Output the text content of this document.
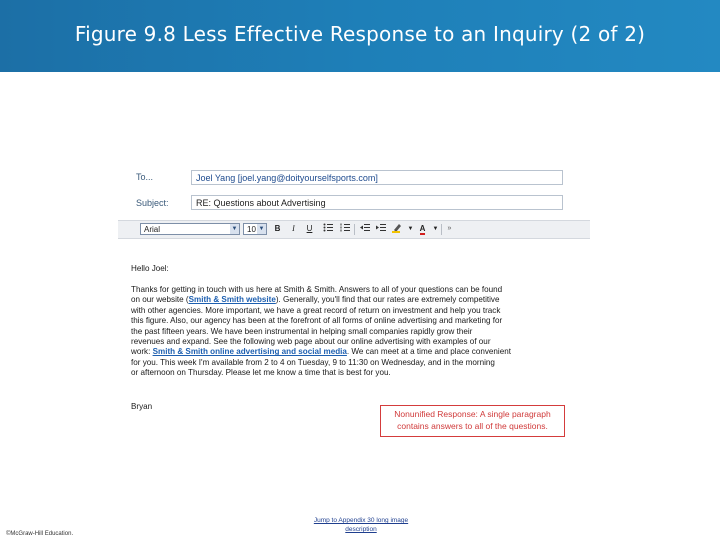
Figure 9.8 Less Effective Response to an Inquiry (2 of 2)
To...	Joel Yang [joel.yang@doityourselfsports.com]
Subject:	RE: Questions about Advertising
Arial	▼	10 ▼	B	I	U	▼ A	▼	»
Hello Joel:
Thanks for getting in touch with us here at Smith & Smith. Answers to all of your questions can be found
on our website (Smith & Smith website). Generally, you'll find that our rates are extremely competitive
with other agencies. More important, we have a great record of return on investment and help you track
this figure. Also, our agency has been at the forefront of all forms of online advertising and marketing for
the past fifteen years. We have been instrumental in helping small companies rapidly grow their
revenues and expand. See the following web page about our online advertising with examples of our
work: Smith & Smith online advertising and social media. We can meet at a time and place convenient
for you. This week I'm available from 2 to 4 on Tuesday, 9 to 11:30 on Wednesday, and in the morning
or afternoon on Thursday. Please let me know a time that is best for you.
Bryan
Nonunified Response: A single paragraph
contains answers to all of the questions.
©McGraw-Hill Education.
Jump to Appendix 30 long image
description
